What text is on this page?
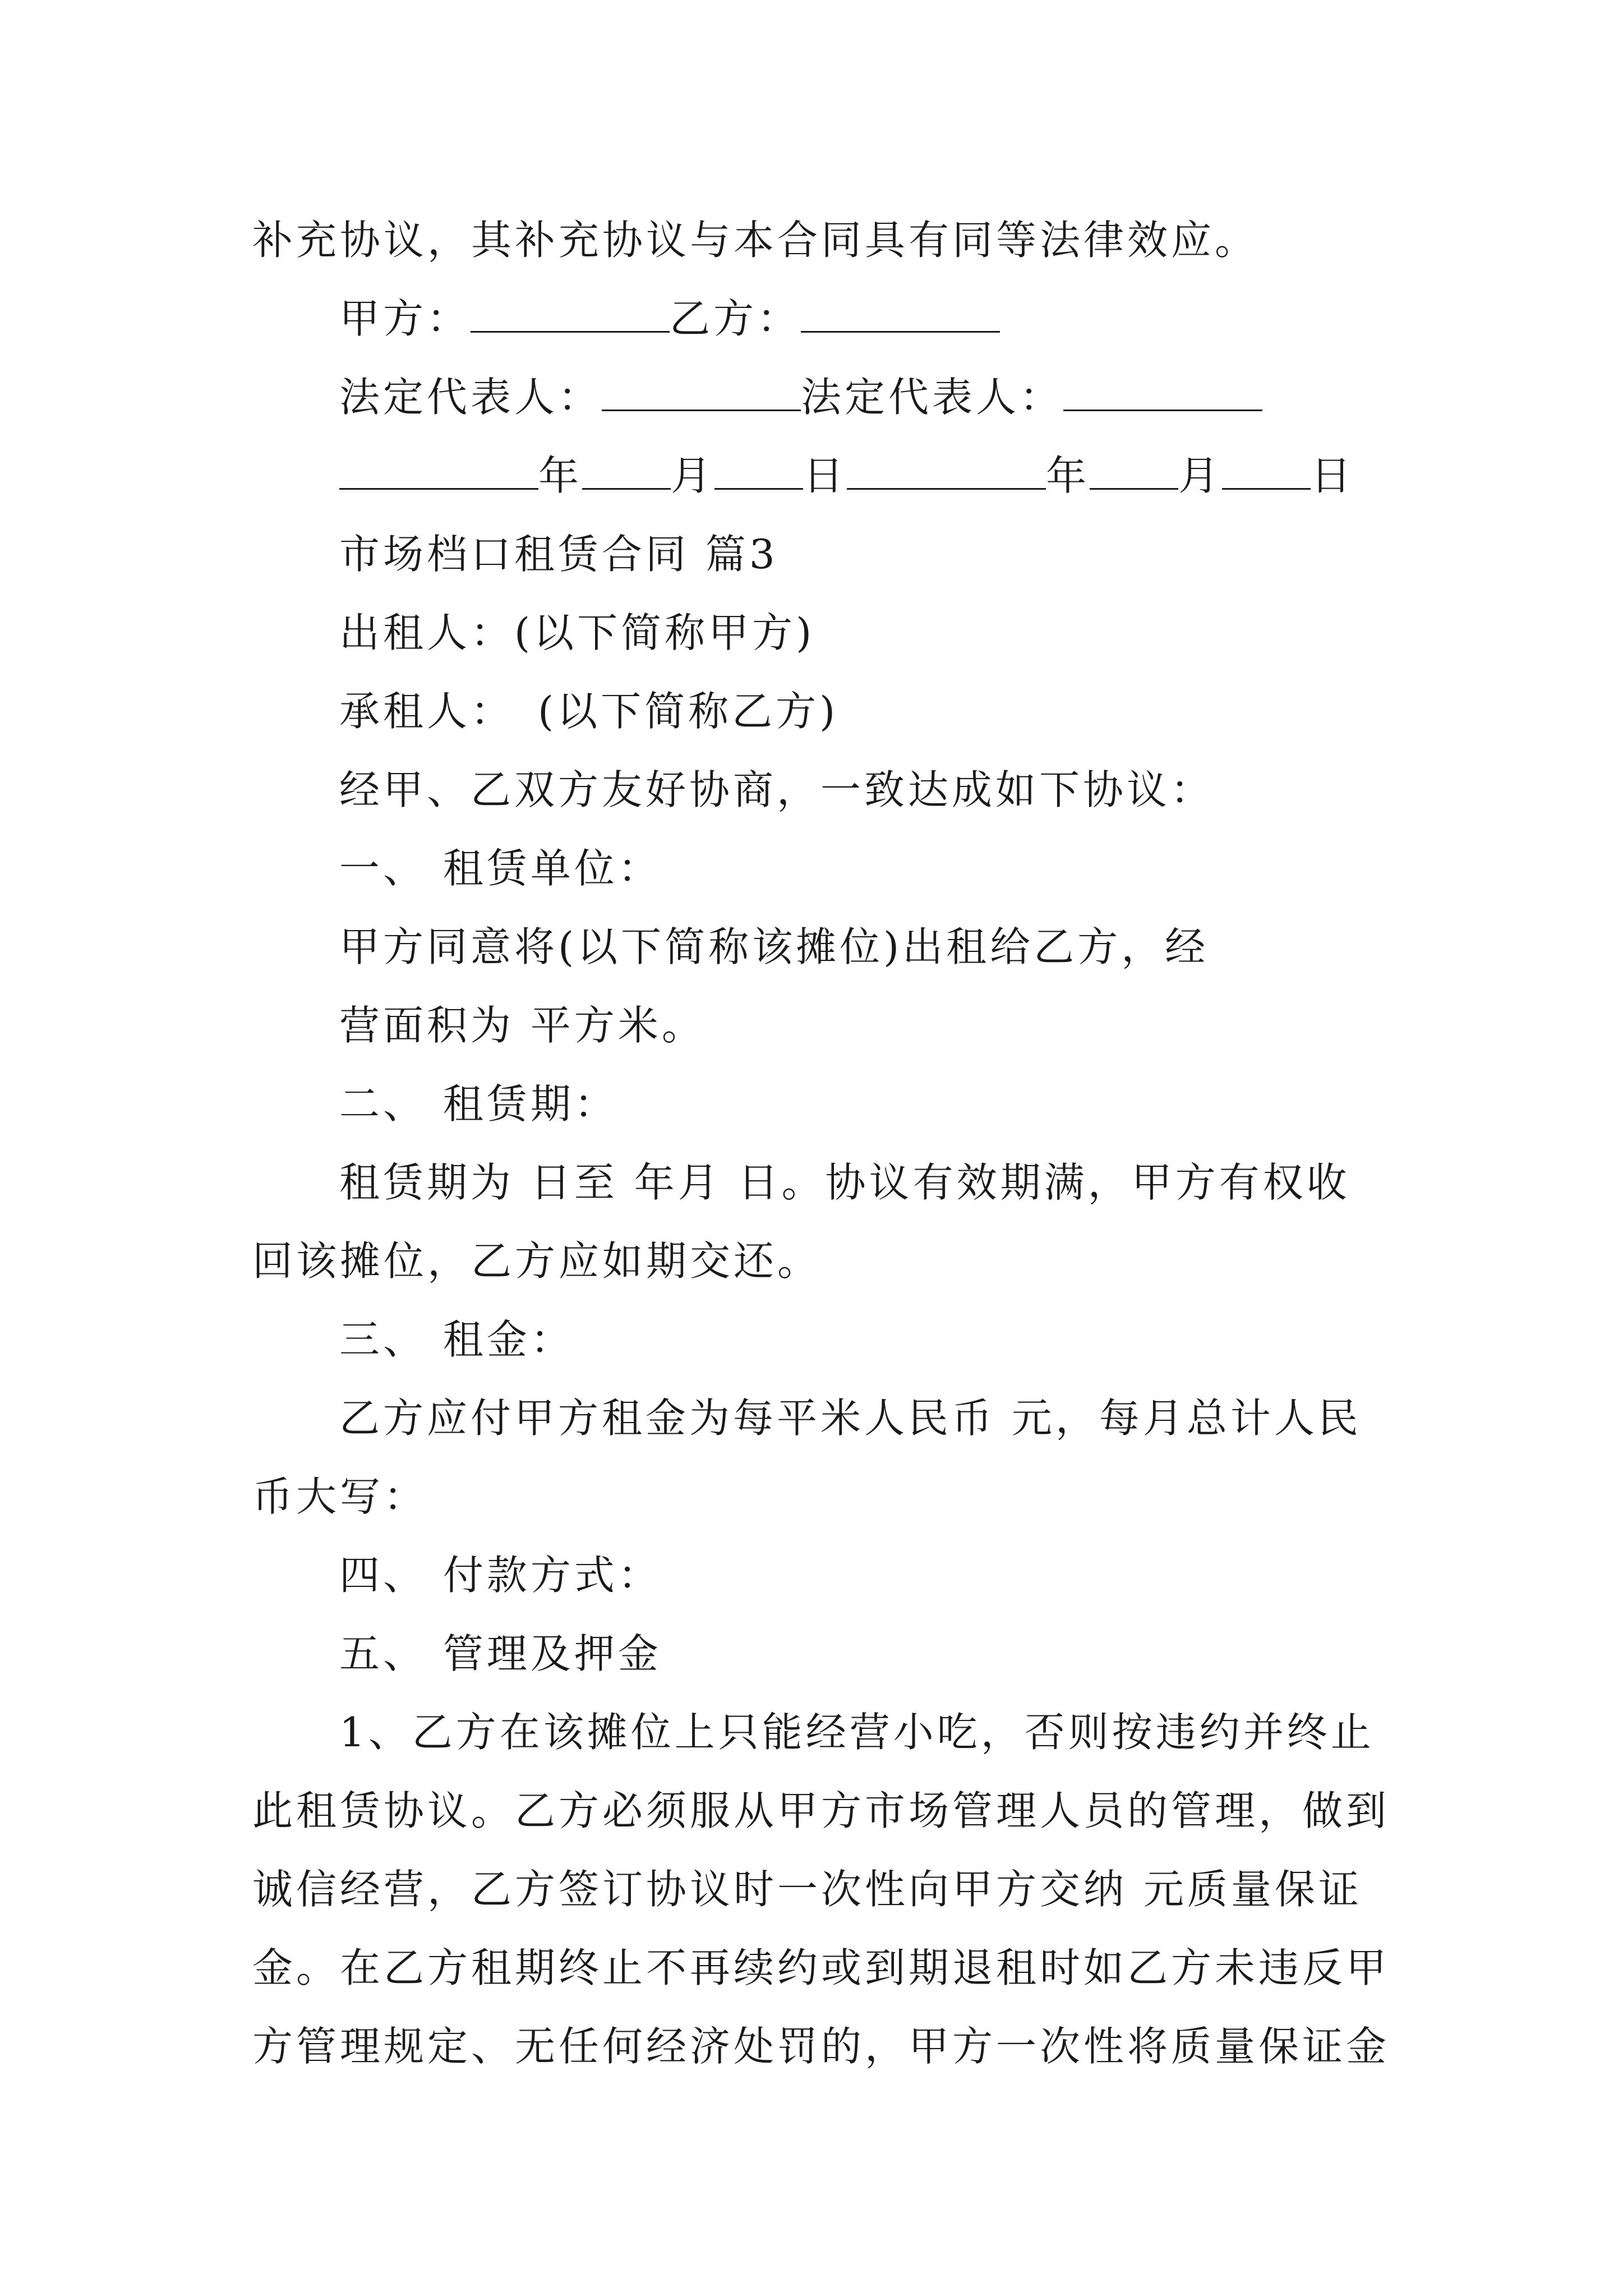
补充协议，其补充协议与本合同具有同等法律效应。
甲方：	乙方：
法定代表人：	法定代表人：
年 月 日	年 月 日
市场档口租赁合同 篇3
出租人：(以下简称甲方)
承租人：　(以下简称乙方)
经甲、乙双方友好协商，一致达成如下协议：
一、 租赁单位：
甲方同意将(以下简称该摊位)出租给乙方，经
营面积为 平方米。
二、 租赁期：
租赁期为 日至 年月 日。协议有效期满，甲方有权收
回该摊位，乙方应如期交还。
三、 租金：
乙方应付甲方租金为每平米人民币 元，每月总计人民
币大写：
四、 付款方式：
五、 管理及押金
1、乙方在该摊位上只能经营小吃，否则按违约并终止
此租赁协议。乙方必须服从甲方市场管理人员的管理，做到
诚信经营，乙方签订协议时一次性向甲方交纳 元质量保证
金。在乙方租期终止不再续约或到期退租时如乙方未违反甲
方管理规定、无任何经济处罚的，甲方一次性将质量保证金
